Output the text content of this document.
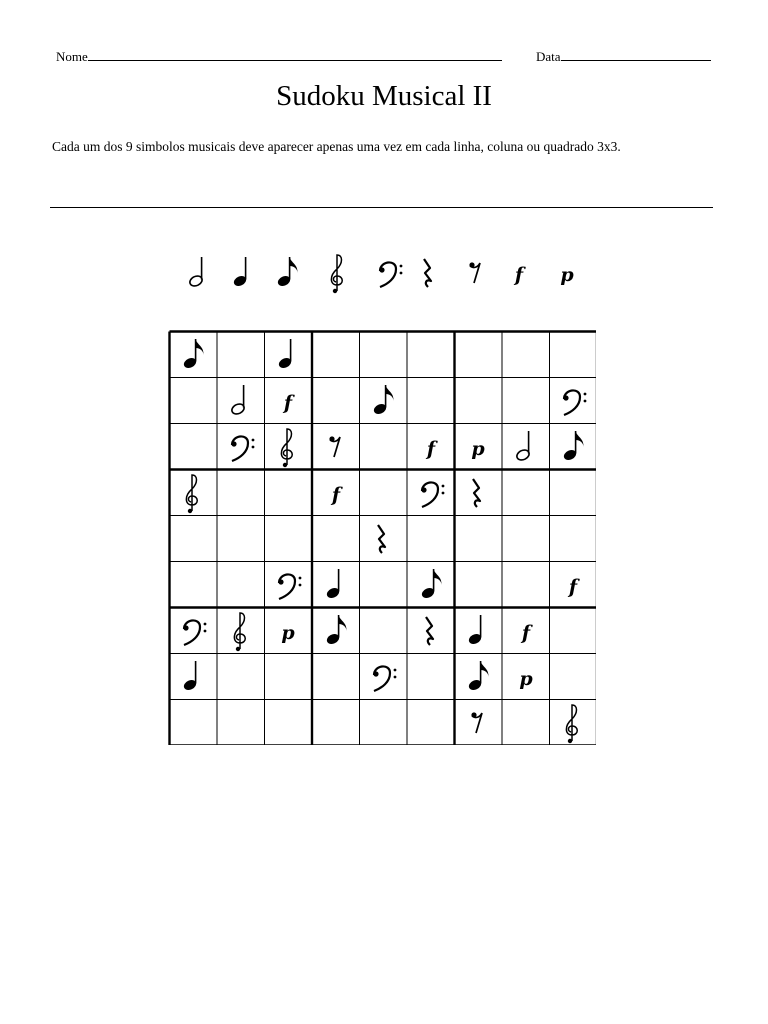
Nome	Data
Sudoku Musical II
Cada um dos 9 simbolos musicais deve aparecer apenas uma vez em cada linha, coluna ou quadrado 3x3.
f p
f
f p
f
f
p	f
p
